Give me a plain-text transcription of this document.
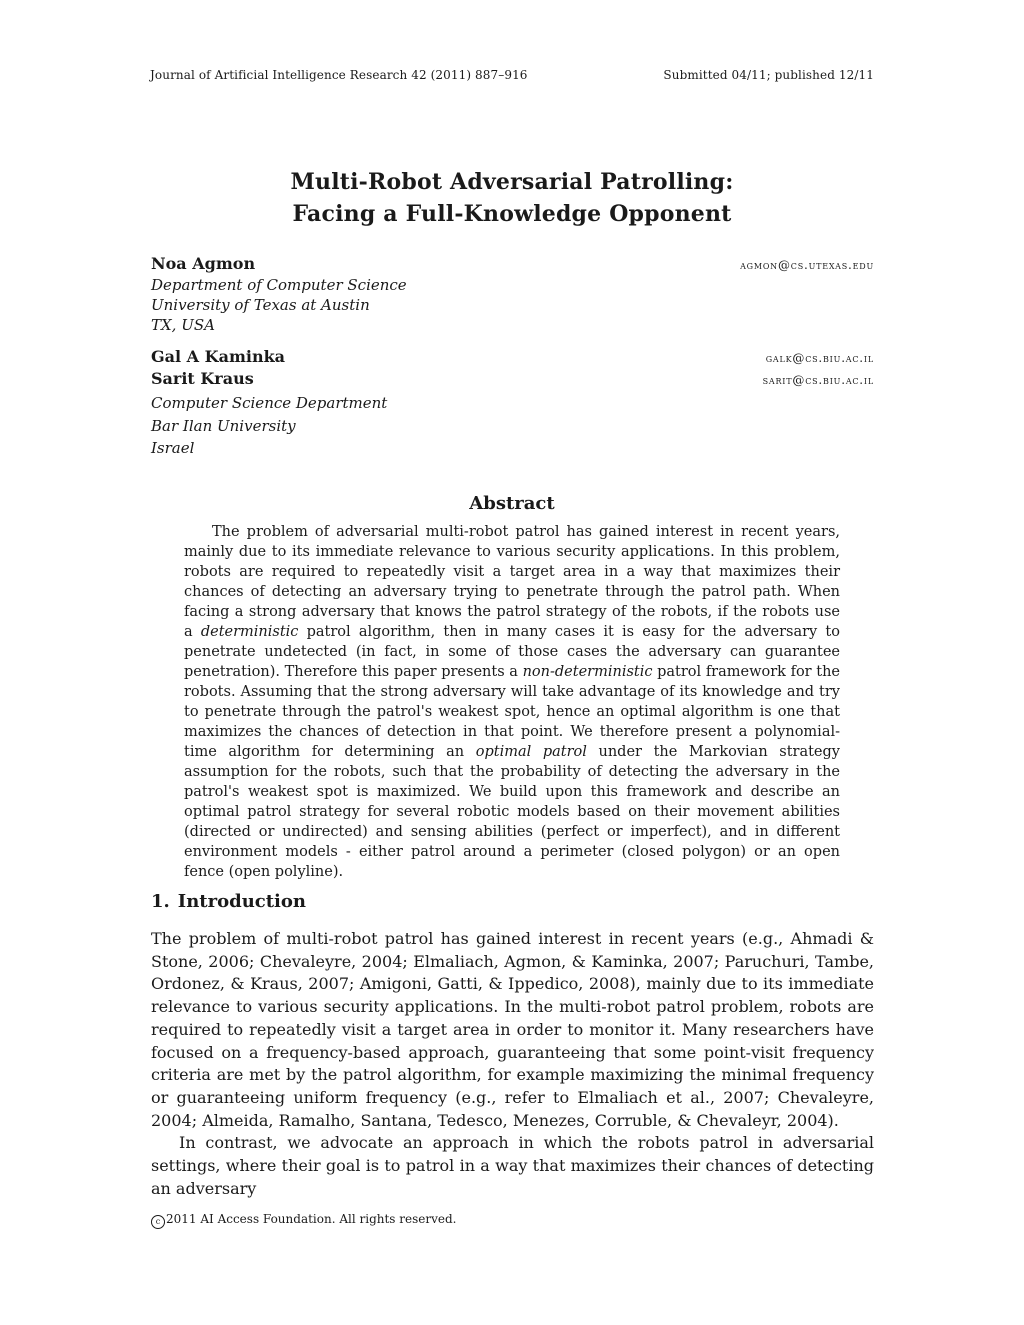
Journal of Artificial Intelligence Research 42 (2011) 887–916	Submitted 04/11; published 12/11
Multi-Robot Adversarial Patrolling:
Facing a Full-Knowledge Opponent
Noa Agmon	agmon@cs.utexas.edu
Department of Computer Science
University of Texas at Austin
TX, USA
Gal A Kaminka	galk@cs.biu.ac.il
Sarit Kraus	sarit@cs.biu.ac.il
Computer Science Department
Bar Ilan University
Israel
Abstract
The problem of adversarial multi-robot patrol has gained interest in recent years, mainly due to its immediate relevance to various security applications. In this problem, robots are required to repeatedly visit a target area in a way that maximizes their chances of detecting an adversary trying to penetrate through the patrol path. When facing a strong adversary that knows the patrol strategy of the robots, if the robots use a deterministic patrol algorithm, then in many cases it is easy for the adversary to penetrate undetected (in fact, in some of those cases the adversary can guarantee penetration). Therefore this paper presents a non-deterministic patrol framework for the robots. Assuming that the strong adversary will take advantage of its knowledge and try to penetrate through the patrol's weakest spot, hence an optimal algorithm is one that maximizes the chances of detection in that point. We therefore present a polynomial-time algorithm for determining an optimal patrol under the Markovian strategy assumption for the robots, such that the probability of detecting the adversary in the patrol's weakest spot is maximized. We build upon this framework and describe an optimal patrol strategy for several robotic models based on their movement abilities (directed or undirected) and sensing abilities (perfect or imperfect), and in different environment models - either patrol around a perimeter (closed polygon) or an open fence (open polyline).
1. Introduction

The problem of multi-robot patrol has gained interest in recent years (e.g., Ahmadi & Stone, 2006; Chevaleyre, 2004; Elmaliach, Agmon, & Kaminka, 2007; Paruchuri, Tambe, Ordonez, & Kraus, 2007; Amigoni, Gatti, & Ippedico, 2008), mainly due to its immediate relevance to various security applications. In the multi-robot patrol problem, robots are required to repeatedly visit a target area in order to monitor it. Many researchers have focused on a frequency-based approach, guaranteeing that some point-visit frequency criteria are met by the patrol algorithm, for example maximizing the minimal frequency or guaranteeing uniform frequency (e.g., refer to Elmaliach et al., 2007; Chevaleyre, 2004; Almeida, Ramalho, Santana, Tedesco, Menezes, Corruble, & Chevaleyr, 2004).

In contrast, we advocate an approach in which the robots patrol in adversarial settings, where their goal is to patrol in a way that maximizes their chances of detecting an adversary

c 2011 AI Access Foundation. All rights reserved.
